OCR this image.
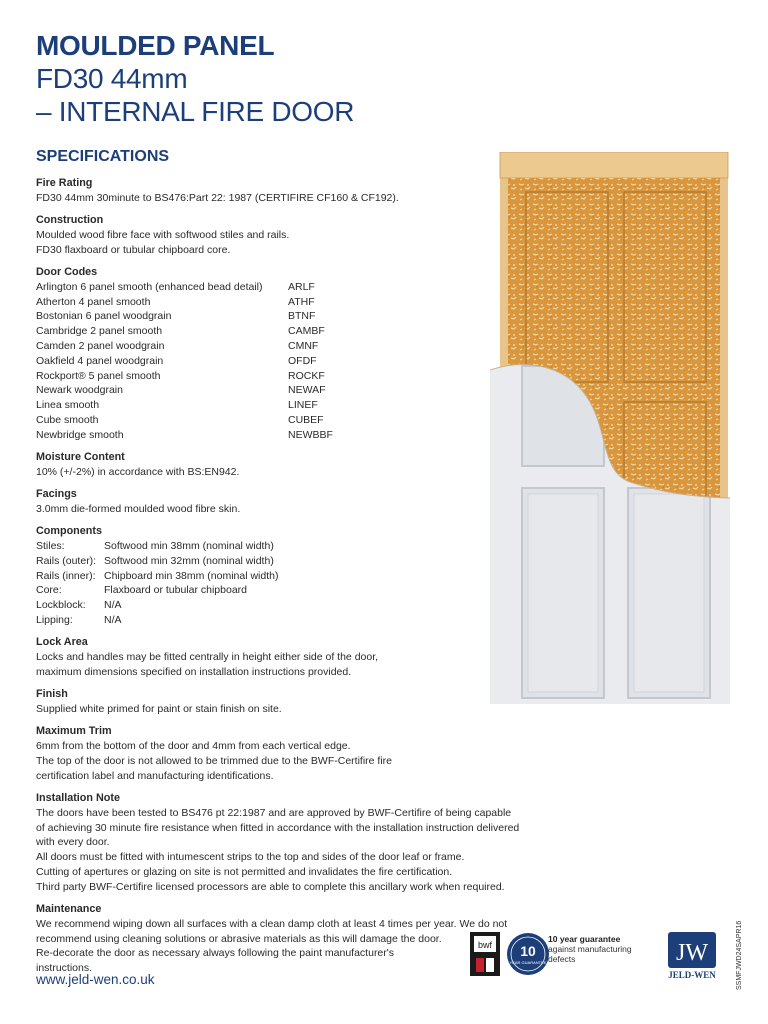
MOULDED PANEL
FD30 44mm
– INTERNAL FIRE DOOR
SPECIFICATIONS
Fire Rating
FD30 44mm 30minute to BS476:Part 22: 1987 (CERTIFIRE CF160 & CF192).
Construction
Moulded wood fibre face with softwood stiles and rails.
FD30 flaxboard or tubular chipboard core.
Door Codes
Arlington 6 panel smooth (enhanced bead detail)	ARLF
Atherton 4 panel smooth	ATHF
Bostonian 6 panel woodgrain	BTNF
Cambridge 2 panel smooth	CAMBF
Camden 2 panel woodgrain	CMNF
Oakfield 4 panel woodgrain	OFDF
Rockport® 5 panel smooth	ROCKF
Newark woodgrain	NEWAF
Linea smooth	LINEF
Cube smooth	CUBEF
Newbridge smooth	NEWBBF
Moisture Content
10% (+/-2%) in accordance with BS:EN942.
Facings
3.0mm die-formed moulded wood fibre skin.
Components
Stiles:	Softwood min 38mm (nominal width)
Rails (outer): Softwood min 32mm (nominal width)
Rails (inner): Chipboard min 38mm (nominal width)
Core:	Flaxboard or tubular chipboard
Lockblock:	N/A
Lipping:	N/A
Lock Area
Locks and handles may be fitted centrally in height either side of the door,
maximum dimensions specified on installation instructions provided.
Finish
Supplied white primed for paint or stain finish on site.
Maximum Trim
6mm from the bottom of the door and 4mm from each vertical edge.
The top of the door is not allowed to be trimmed due to the BWF-Certifire fire
certification label and manufacturing identifications.
Installation Note
The doors have been tested to BS476 pt 22:1987 and are approved by BWF-Certifire of being capable
of achieving 30 minute fire resistance when fitted in accordance with the installation instruction delivered
with every door.
All doors must be fitted with intumescent strips to the top and sides of the door leaf or frame.
Cutting of apertures or glazing on site is not permitted and invalidates the fire certification.
Third party BWF-Certifire licensed processors are able to complete this ancillary work when required.
Maintenance
We recommend wiping down all surfaces with a clean damp cloth at least 4 times per year. We do not
recommend using cleaning solutions or abrasive materials as this will damage the door.
Re-decorate the door as necessary always following the paint manufacturer's
instructions.
www.jeld-wen.co.uk
bwf 10
YEAR GUARANTEE
10 year guarantee
against manufacturing
defects	JW
JELD-WEN	SSMFJWD24SAPR16
